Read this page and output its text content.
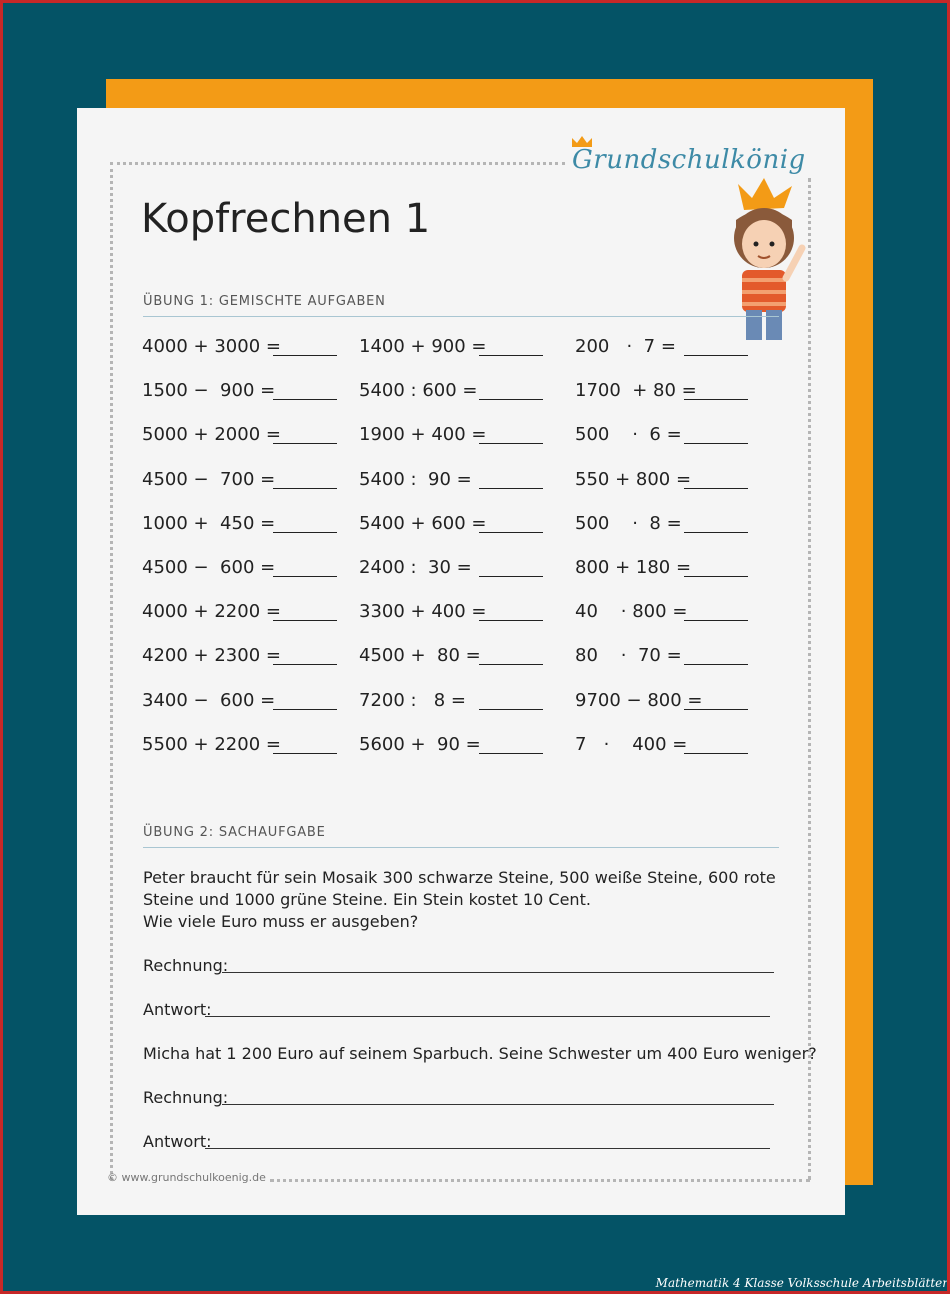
Grundschulkönig
Kopfrechnen 1
ÜBUNG 1: GEMISCHTE AUFGABEN
4000 + 3000 =
1500 −  900 =
5000 + 2000 =
4500 −  700 =
1000 +  450 =
4500 −  600 =
4000 + 2200 =
4200 + 2300 =
3400 −  600 =
5500 + 2200 =
1400 + 900 =
5400 : 600 =
1900 + 400 =
5400 :  90 =
5400 + 600 =
2400 :  30 =
3300 + 400 =
4500 +  80 =
7200 :   8 =
5600 +  90 =
200   ·  7 =
1700  + 80 =
500    ·  6 =
550 + 800 =
500    ·  8 =
800 + 180 =
40    · 800 =
80    ·  70 =
9700 − 800 =
7   ·    400 =
ÜBUNG 2: SACHAUFGABE
Peter braucht für sein Mosaik 300 schwarze Steine, 500 weiße Steine, 600 rote
Steine und 1000 grüne Steine. Ein Stein kostet 10 Cent.
Wie viele Euro muss er ausgeben?
Rechnung:
Antwort:
Micha hat 1 200 Euro auf seinem Sparbuch. Seine Schwester um 400 Euro weniger?
Rechnung:
Antwort:
© www.grundschulkoenig.de
Mathematik 4 Klasse Volksschule Arbeitsblätter
